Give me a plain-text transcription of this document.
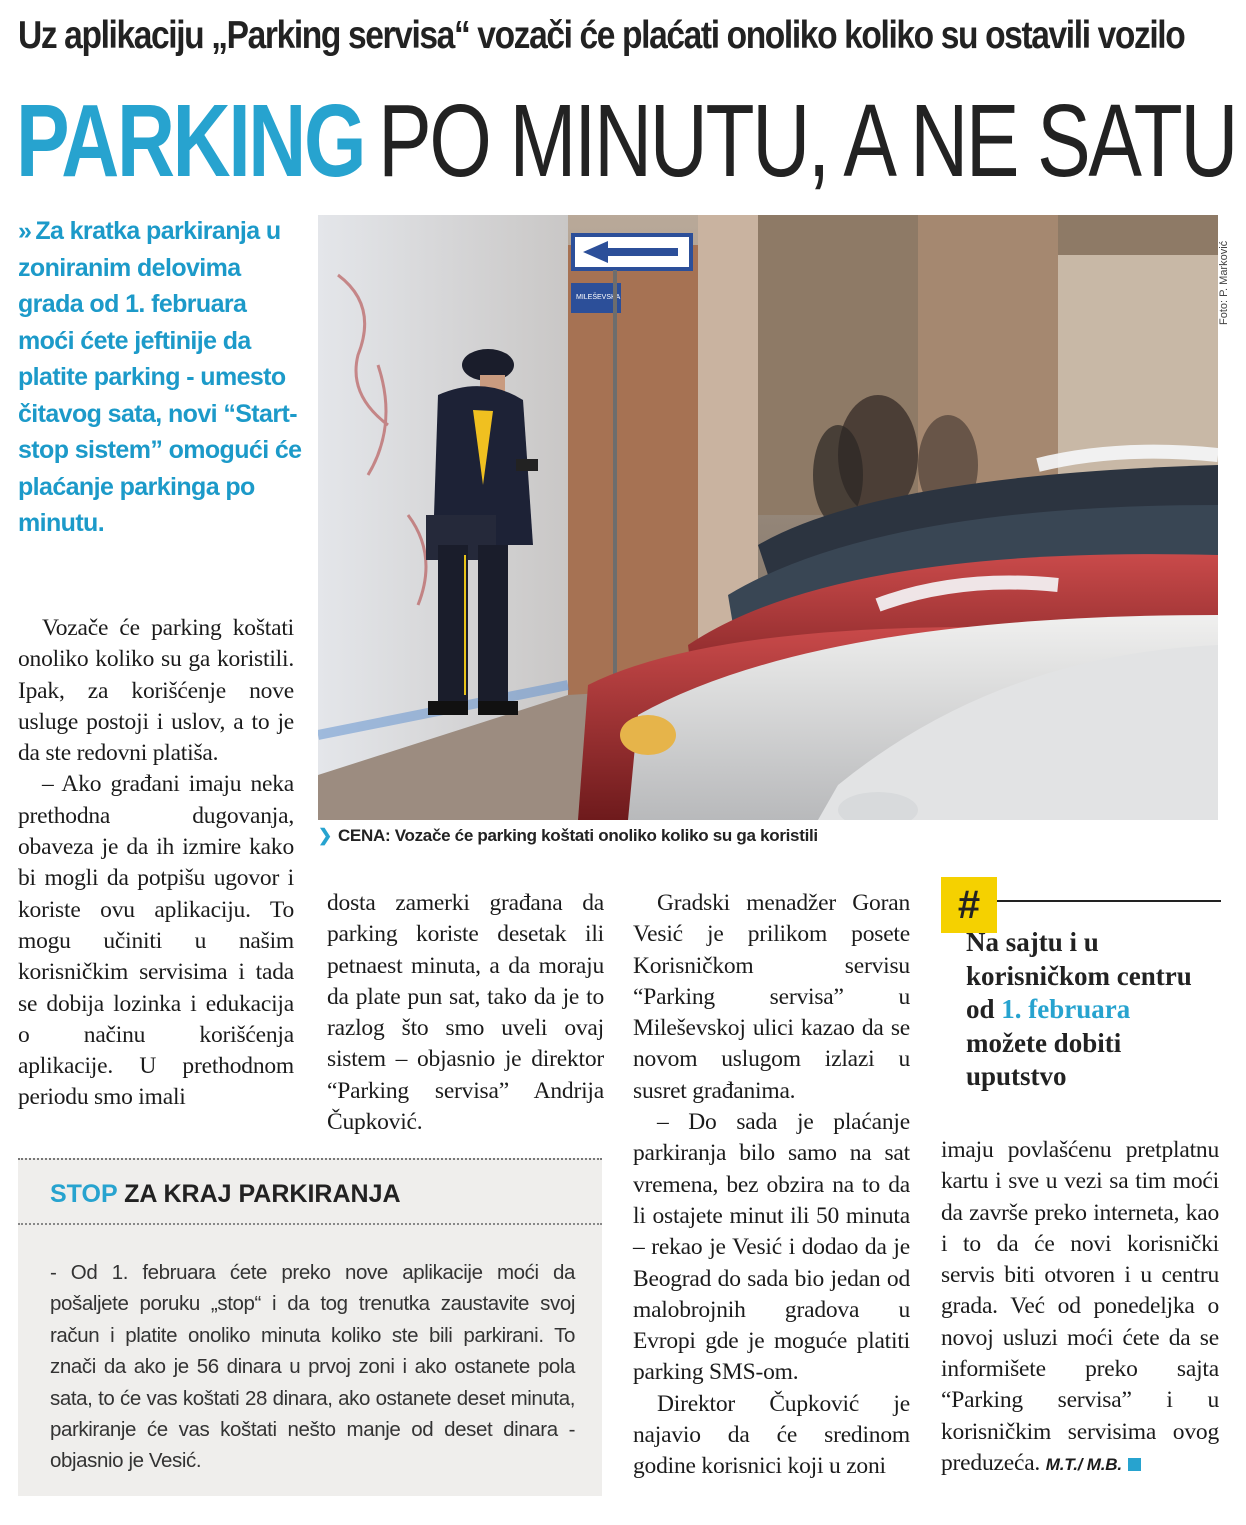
Uz aplikaciju „Parking servisa“ vozači će plaćati onoliko koliko su ostavili vozilo
PARKING PO MINUTU, A NE SATU
» Za kratka parkiranja u zoniranim delovima grada od 1. februara moći ćete jeftinije da platite parking - umesto čitavog sata, novi “Start-stop sistem” omogući će plaćanje parkinga po minutu.
MILEŠEVSKA	Foto: P. Marković
❯ CENA: Vozače će parking koštati onoliko koliko su ga koristili

Vozače će parking koštati onoliko koliko su ga koristili. Ipak, za korišćenje nove usluge postoji i uslov, a to je da ste redovni platiša.

– Ako građani imaju neka prethodna dugovanja, obaveza je da ih izmire kako bi mogli da potpišu ugovor i koriste ovu aplikaciju. To mogu učiniti u našim korisničkim servisima i tada se dobija lozinka i edukacija o načinu korišćenja aplikacije. U prethodnom periodu smo imali

dosta zamerki građana da parking koriste desetak ili petnaest minuta, a da moraju da plate pun sat, tako da je to razlog što smo uveli ovaj sistem – objasnio je direktor “Parking servisa” Andrija Čupković.

Gradski menadžer Goran Vesić je prilikom posete Korisničkom servisu “Parking servisa” u Mileševskoj ulici kazao da se novom uslugom izlazi u susret građanima.

– Do sada je plaćanje parkiranja bilo samo na sat vremena, bez obzira na to da li ostajete minut ili 50 minuta – rekao je Vesić i dodao da je Beograd do sada bio jedan od malobrojnih gradova u Evropi gde je moguće platiti parking SMS-om.

Direktor Čupković je najavio da će sredinom godine korisnici koji u zoni

#
Na sajtu i u korisničkom centru od 1. februara možete dobiti uputstvo

imaju povlašćenu pretplatnu kartu i sve u vezi sa tim moći da završe preko interneta, kao i to da će novi korisnički servis biti otvoren i u centru grada. Već od ponedeljka o novoj usluzi moći ćete da se informišete preko sajta “Parking servisa” i u korisničkim servisima ovog preduzeća. M.T./ M.B.

STOP ZA KRAJ PARKIRANJA
- Od 1. februara ćete preko nove aplikacije moći da pošaljete poruku „stop“ i da tog trenutka zaustavite svoj račun i platite onoliko minuta koliko ste bili parkirani. To znači da ako je 56 dinara u prvoj zoni i ako ostanete pola sata, to će vas koštati 28 dinara, ako ostanete deset minuta, parkiranje će vas koštati nešto manje od deset dinara - objasnio je Vesić.
